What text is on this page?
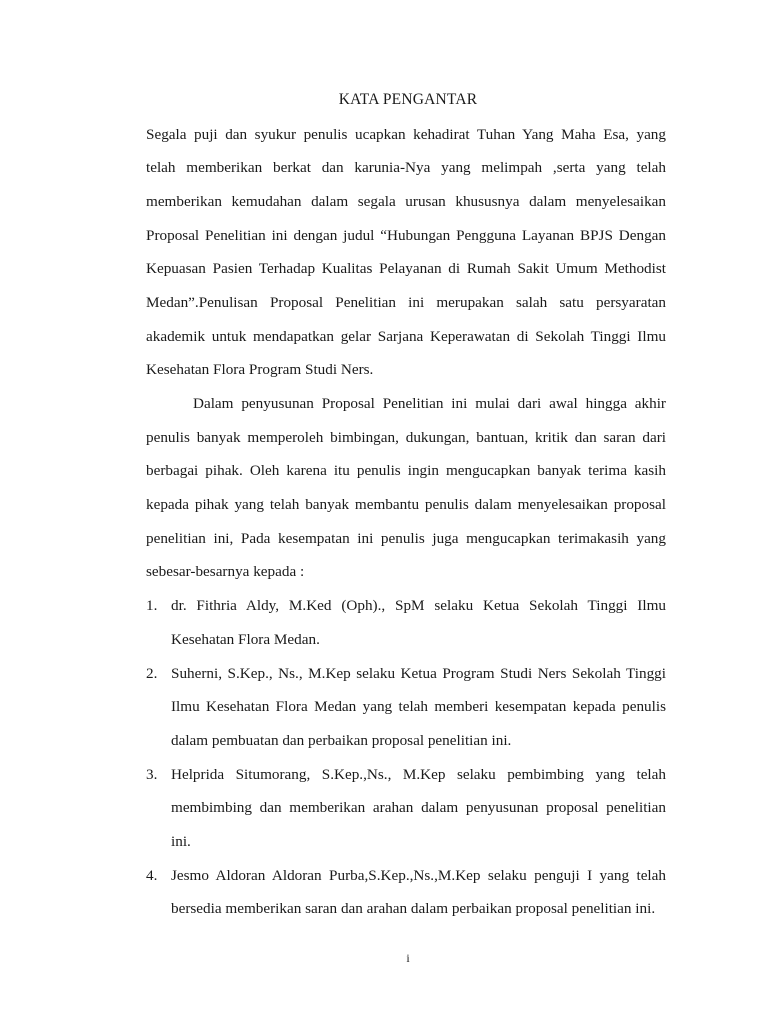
KATA PENGANTAR
Segala puji dan syukur penulis ucapkan kehadirat Tuhan Yang Maha Esa, yang
telah memberikan berkat dan karunia-Nya yang melimpah ,serta yang telah
memberikan kemudahan dalam segala urusan khususnya dalam menyelesaikan
Proposal Penelitian ini dengan judul “Hubungan Pengguna Layanan BPJS Dengan
Kepuasan Pasien Terhadap Kualitas Pelayanan di Rumah Sakit Umum Methodist
Medan”.Penulisan Proposal Penelitian ini merupakan salah satu persyaratan
akademik untuk mendapatkan gelar Sarjana Keperawatan di Sekolah Tinggi Ilmu
Kesehatan Flora Program Studi Ners.
Dalam penyusunan Proposal Penelitian ini mulai dari awal hingga akhir
penulis banyak memperoleh bimbingan, dukungan, bantuan, kritik dan saran dari
berbagai pihak. Oleh karena itu penulis ingin mengucapkan banyak terima kasih
kepada pihak yang telah banyak membantu penulis dalam menyelesaikan proposal
penelitian ini, Pada kesempatan ini penulis juga mengucapkan terimakasih yang
sebesar-besarnya kepada :
1. dr. Fithria Aldy, M.Ked (Oph)., SpM selaku Ketua Sekolah Tinggi Ilmu
Kesehatan Flora Medan.
2. Suherni, S.Kep., Ns., M.Kep selaku Ketua Program Studi Ners Sekolah Tinggi
Ilmu Kesehatan Flora Medan yang telah memberi kesempatan kepada penulis
dalam pembuatan dan perbaikan proposal penelitian ini.
3. Helprida Situmorang, S.Kep.,Ns., M.Kep selaku pembimbing yang telah
membimbing dan memberikan arahan dalam penyusunan proposal penelitian
ini.
4. Jesmo Aldoran Aldoran Purba,S.Kep.,Ns.,M.Kep selaku penguji I yang telah
bersedia memberikan saran dan arahan dalam perbaikan proposal penelitian ini.
i
